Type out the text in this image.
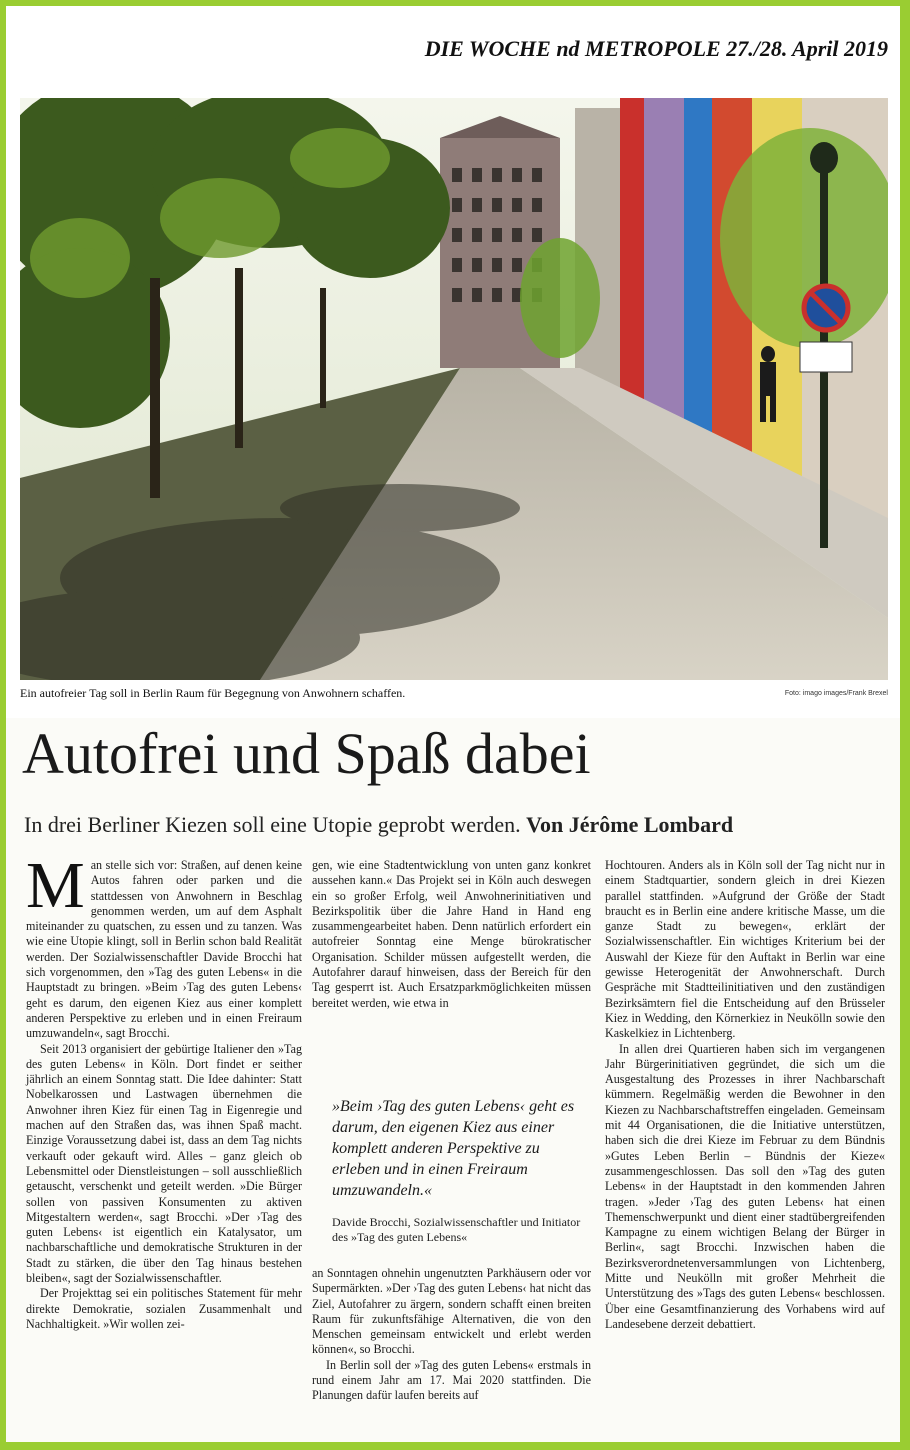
DIE WOCHE nd METROPOLE 27./28. April 2019
Ein autofreier Tag soll in Berlin Raum für Begegnung von Anwohnern schaffen.	Foto: imago images/Frank Brexel
Autofrei und Spaß dabei
In drei Berliner Kiezen soll eine Utopie geprobt werden. Von Jérôme Lombard

Man stelle sich vor: Straßen, auf denen keine Autos fahren oder parken und die stattdessen von Anwohnern in Beschlag genommen werden, um auf dem Asphalt miteinander zu quatschen, zu essen und zu tanzen. Was wie eine Utopie klingt, soll in Berlin schon bald Realität werden. Der Sozialwissenschaftler Davide Brocchi hat sich vorgenommen, den »Tag des guten Lebens« in die Hauptstadt zu bringen. »Beim ›Tag des guten Lebens‹ geht es darum, den eigenen Kiez aus einer komplett anderen Perspektive zu erleben und in einen Freiraum umzuwandeln«, sagt Brocchi.

Seit 2013 organisiert der gebürtige Italiener den »Tag des guten Lebens« in Köln. Dort findet er seither jährlich an einem Sonntag statt. Die Idee dahinter: Statt Nobelkarossen und Lastwagen übernehmen die Anwohner ihren Kiez für einen Tag in Eigenregie und machen auf den Straßen das, was ihnen Spaß macht. Einzige Voraussetzung dabei ist, dass an dem Tag nichts verkauft oder gekauft wird. Alles – ganz gleich ob Lebensmittel oder Dienstleistungen – soll ausschließlich getauscht, verschenkt und geteilt werden. »Die Bürger sollen von passiven Konsumenten zu aktiven Mitgestaltern werden«, sagt Brocchi. »Der ›Tag des guten Lebens‹ ist eigentlich ein Katalysator, um nachbarschaftliche und demokratische Strukturen in der Stadt zu stärken, die über den Tag hinaus bestehen bleiben«, sagt der Sozialwissenschaftler.

Der Projekttag sei ein politisches Statement für mehr direkte Demokratie, sozialen Zusammenhalt und Nachhaltigkeit. »Wir wollen zei-

gen, wie eine Stadtentwicklung von unten ganz konkret aussehen kann.« Das Projekt sei in Köln auch deswegen ein so großer Erfolg, weil Anwohnerinitiativen und Bezirkspolitik über die Jahre Hand in Hand eng zusammengearbeitet haben. Denn natürlich erfordert ein autofreier Sonntag eine Menge bürokratischer Organisation. Schilder müssen aufgestellt werden, die Autofahrer darauf hinweisen, dass der Bereich für den Tag gesperrt ist. Auch Ersatzparkmöglichkeiten müssen bereitet werden, wie etwa in

»Beim ›Tag des guten Lebens‹ geht es darum, den eigenen Kiez aus einer komplett anderen Perspektive zu erleben und in einen Freiraum umzuwandeln.«
Davide Brocchi, Sozialwissenschaftler und Initiator des »Tag des guten Lebens«

an Sonntagen ohnehin ungenutzten Parkhäusern oder vor Supermärkten. »Der ›Tag des guten Lebens‹ hat nicht das Ziel, Autofahrer zu ärgern, sondern schafft einen breiten Raum für zukunftsfähige Alternativen, die von den Menschen gemeinsam entwickelt und erlebt werden können«, so Brocchi.

In Berlin soll der »Tag des guten Lebens« erstmals in rund einem Jahr am 17. Mai 2020 stattfinden. Die Planungen dafür laufen bereits auf

Hochtouren. Anders als in Köln soll der Tag nicht nur in einem Stadtquartier, sondern gleich in drei Kiezen parallel stattfinden. »Aufgrund der Größe der Stadt braucht es in Berlin eine andere kritische Masse, um die ganze Stadt zu bewegen«, erklärt der Sozialwissenschaftler. Ein wichtiges Kriterium bei der Auswahl der Kieze für den Auftakt in Berlin war eine gewisse Heterogenität der Anwohnerschaft. Durch Gespräche mit Stadtteilinitiativen und den zuständigen Bezirksämtern fiel die Entscheidung auf den Brüsseler Kiez in Wedding, den Körnerkiez in Neukölln sowie den Kaskelkiez in Lichtenberg.

In allen drei Quartieren haben sich im vergangenen Jahr Bürgerinitiativen gegründet, die sich um die Ausgestaltung des Prozesses in ihrer Nachbarschaft kümmern. Regelmäßig werden die Bewohner in den Kiezen zu Nachbarschaftstreffen eingeladen. Gemeinsam mit 44 Organisationen, die die Initiative unterstützen, haben sich die drei Kieze im Februar zu dem Bündnis »Gutes Leben Berlin – Bündnis der Kieze« zusammengeschlossen. Das soll den »Tag des guten Lebens« in der Hauptstadt in den kommenden Jahren tragen. »Jeder ›Tag des guten Lebens‹ hat einen Themenschwerpunkt und dient einer stadtübergreifenden Kampagne zu einem wichtigen Belang der Bürger in Berlin«, sagt Brocchi. Inzwischen haben die Bezirksverordnetenversammlungen von Lichtenberg, Mitte und Neukölln mit großer Mehrheit die Unterstützung des »Tags des guten Lebens« beschlossen. Über eine Gesamtfinanzierung des Vorhabens wird auf Landesebene derzeit debattiert.
